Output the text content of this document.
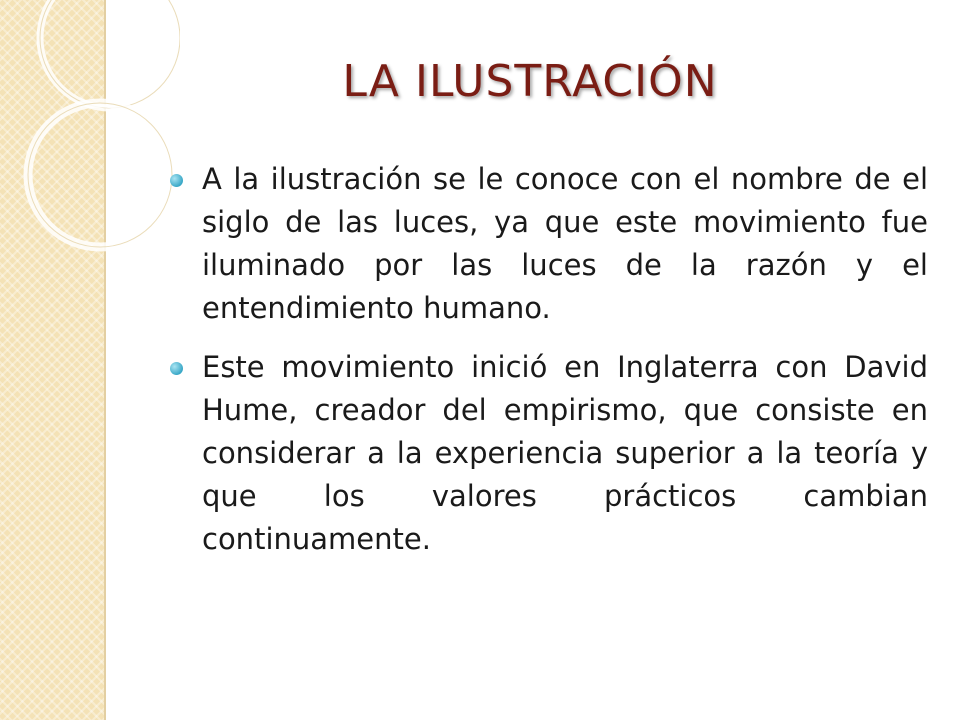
LA ILUSTRACIÓN
A la ilustración se le conoce con el nombre de el siglo de las luces, ya que este movimiento fue iluminado por las luces de la razón y el entendimiento humano.
Este movimiento inició en Inglaterra con David Hume, creador del empirismo, que consiste en considerar a la experiencia superior a la teoría y que los valores prácticos cambian continuamente.
